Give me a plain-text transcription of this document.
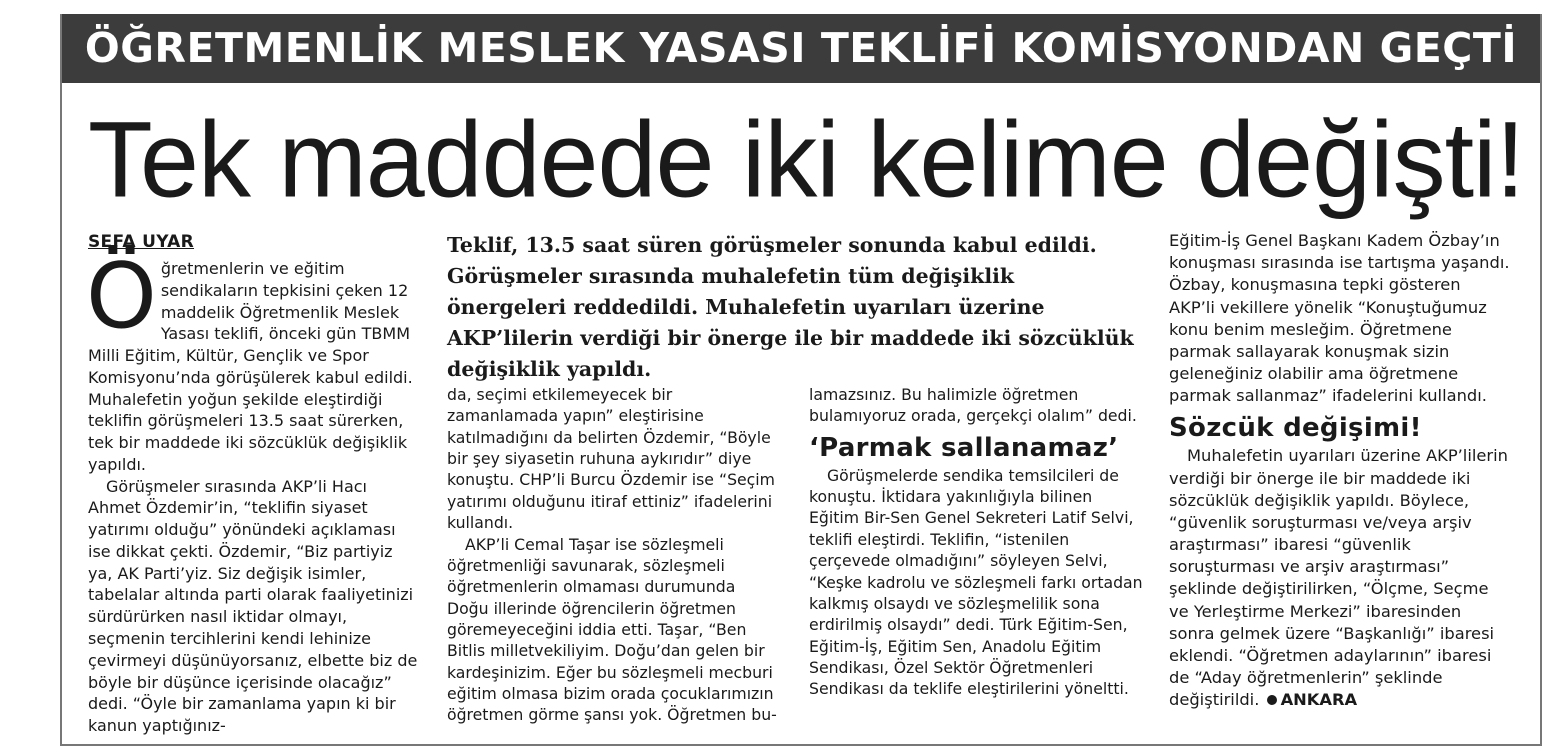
ÖĞRETMENLİK MESLEK YASASI TEKLİFİ KOMİSYONDAN GEÇTİ
Tek maddede iki kelime değişti!
SEFA UYAR

Öğretmenlerin ve eğitim sendikaların tepkisini çeken 12 maddelik Öğretmenlik Meslek Yasası teklifi, önceki gün TBMM Milli Eğitim, Kültür, Gençlik ve Spor Komisyonu’nda görüşülerek kabul edildi. Muhalefetin yoğun şekilde eleştirdiği teklifin görüşmeleri 13.5 saat sürerken, tek bir maddede iki sözcüklük değişiklik yapıldı.

Görüşmeler sırasında AKP’li Hacı Ahmet Özdemir’in, “teklifin siyaset yatırımı olduğu” yönündeki açıklaması ise dikkat çekti. Özdemir, “Biz partiyiz ya, AK Parti’yiz. Siz değişik isimler, tabelalar altında parti olarak faaliyetinizi sürdürürken nasıl iktidar olmayı, seçmenin tercihlerini kendi lehinize çevirmeyi düşünüyorsanız, elbette biz de böyle bir düşünce içerisinde olacağız” dedi. “Öyle bir zamanlama yapın ki bir kanun yaptığınız-

Teklif, 13.5 saat süren görüşmeler sonunda kabul edildi. Görüşmeler sırasında muhalefetin tüm değişiklik önergeleri reddedildi. Muhalefetin uyarıları üzerine AKP’lilerin verdiği bir önerge ile bir maddede iki sözcüklük değişiklik yapıldı.

da, seçimi etkilemeyecek bir zamanlamada yapın” eleştirisine katılmadığını da belirten Özdemir, “Böyle bir şey siyasetin ruhuna aykırıdır” diye konuştu. CHP’li Burcu Özdemir ise “Seçim yatırımı olduğunu itiraf ettiniz” ifadelerini kullandı.

AKP’li Cemal Taşar ise sözleşmeli öğretmenliği savunarak, sözleşmeli öğretmenlerin olmaması durumunda Doğu illerinde öğrencilerin öğretmen göremeyeceğini iddia etti. Taşar, “Ben Bitlis milletvekiliyim. Doğu’dan gelen bir kardeşinizim. Eğer bu sözleşmeli mecburi eğitim olmasa bizim orada çocuklarımızın öğretmen görme şansı yok. Öğretmen bu-

lamazsınız. Bu halimizle öğretmen bulamıyoruz orada, gerçekçi olalım” dedi.

‘Parmak sallanamaz’

Görüşmelerde sendika temsilcileri de konuştu. İktidara yakınlığıyla bilinen Eğitim Bir-Sen Genel Sekreteri Latif Selvi, teklifi eleştirdi. Teklifin, “istenilen çerçevede olmadığını” söyleyen Selvi, “Keşke kadrolu ve sözleşmeli farkı ortadan kalkmış olsaydı ve sözleşmelilik sona erdirilmiş olsaydı” dedi. Türk Eğitim-Sen, Eğitim-İş, Eğitim Sen, Anadolu Eğitim Sendikası, Özel Sektör Öğretmenleri Sendikası da teklife eleştirilerini yöneltti.

Eğitim-İş Genel Başkanı Kadem Özbay’ın konuşması sırasında ise tartışma yaşandı. Özbay, konuşmasına tepki gösteren AKP’li vekillere yönelik “Konuştuğumuz konu benim mesleğim. Öğretmene parmak sallayarak konuşmak sizin geleneğiniz olabilir ama öğretmene parmak sallanmaz” ifadelerini kullandı.

Sözcük değişimi!

Muhalefetin uyarıları üzerine AKP’lilerin verdiği bir önerge ile bir maddede iki sözcüklük değişiklik yapıldı. Böylece, “güvenlik soruşturması ve/veya arşiv araştırması” ibaresi “güvenlik soruşturması ve arşiv araştırması” şeklinde değiştirilirken, “Ölçme, Seçme ve Yerleştirme Merkezi” ibaresinden sonra gelmek üzere “Başkanlığı” ibaresi eklendi. “Öğretmen adaylarının” ibaresi de “Aday öğretmenlerin” şeklinde değiştirildi. ANKARA
